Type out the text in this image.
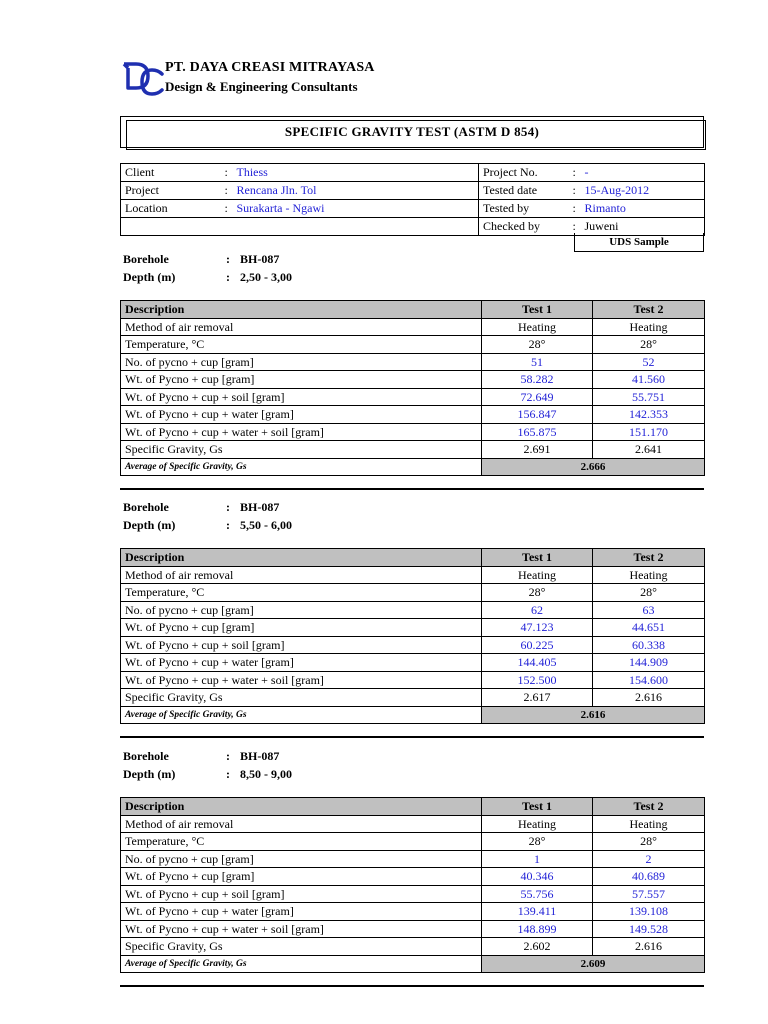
PT. DAYA CREASI MITRAYASA
Design & Engineering Consultants
SPECIFIC GRAVITY TEST (ASTM D 854)
Client	:	Thiess	Project No.	:	-
Project	:	Rencana Jln. Tol	Tested date	:	15-Aug-2012
Location	:	Surakarta - Ngawi	Tested by	:	Rimanto
			Checked by	:	Juweni
UDS Sample
Borehole	: BH-087
Depth (m)	: 2,50 - 3,00
Description	Test 1	Test 2
Method of air removal	Heating	Heating
Temperature, °C	28°	28°
No. of pycno + cup [gram]	51	52
Wt. of Pycno + cup [gram]	58.282	41.560
Wt. of Pycno + cup + soil [gram]	72.649	55.751
Wt. of Pycno + cup + water [gram]	156.847	142.353
Wt. of Pycno + cup + water + soil [gram]	165.875	151.170
Specific Gravity, Gs	2.691	2.641
Average of Specific Gravity, Gs	2.666	
Borehole	: BH-087
Depth (m)	: 5,50 - 6,00
Description	Test 1	Test 2
Method of air removal	Heating	Heating
Temperature, °C	28°	28°
No. of pycno + cup [gram]	62	63
Wt. of Pycno + cup [gram]	47.123	44.651
Wt. of Pycno + cup + soil [gram]	60.225	60.338
Wt. of Pycno + cup + water [gram]	144.405	144.909
Wt. of Pycno + cup + water + soil [gram]	152.500	154.600
Specific Gravity, Gs	2.617	2.616
Average of Specific Gravity, Gs	2.616	
Borehole	: BH-087
Depth (m)	: 8,50 - 9,00
Description	Test 1	Test 2
Method of air removal	Heating	Heating
Temperature, °C	28°	28°
No. of pycno + cup [gram]	1	2
Wt. of Pycno + cup [gram]	40.346	40.689
Wt. of Pycno + cup + soil [gram]	55.756	57.557
Wt. of Pycno + cup + water [gram]	139.411	139.108
Wt. of Pycno + cup + water + soil [gram]	148.899	149.528
Specific Gravity, Gs	2.602	2.616
Average of Specific Gravity, Gs	2.609	
